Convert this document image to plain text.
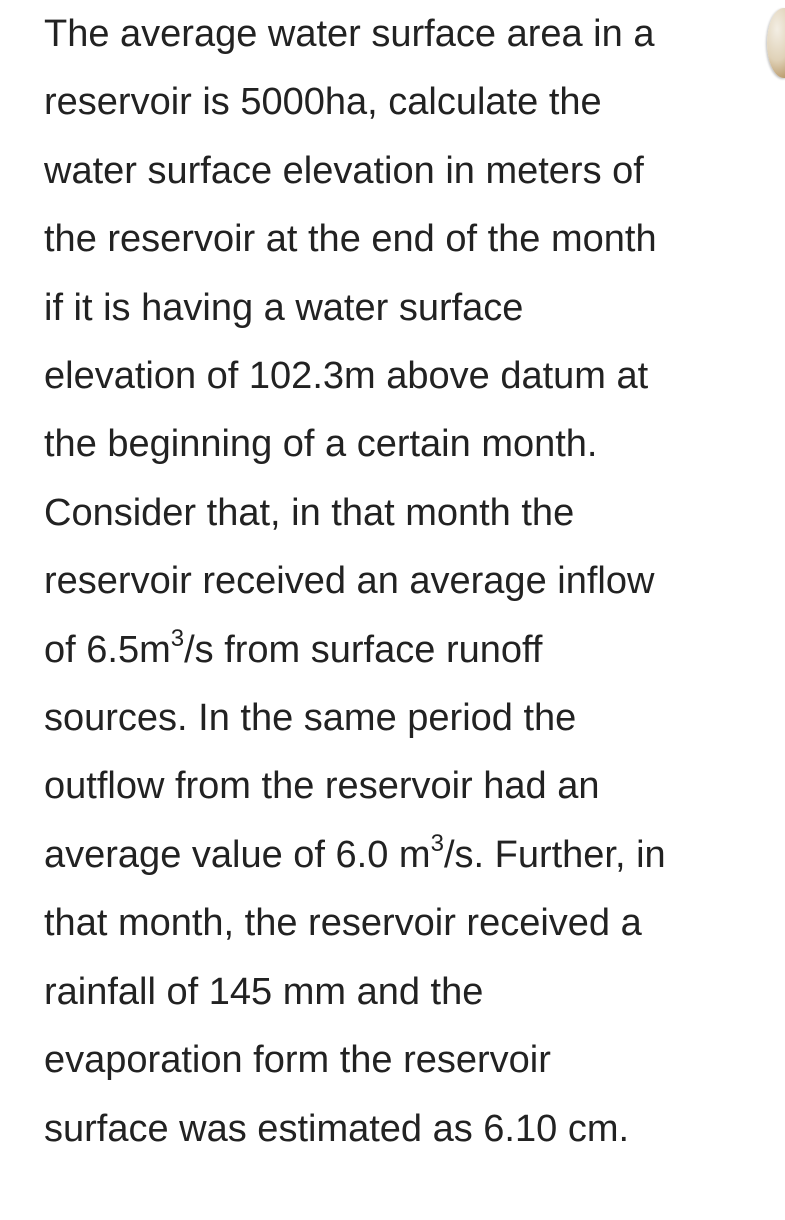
The average water surface area in a
reservoir is 5000ha, calculate the
water surface elevation in meters of
the reservoir at the end of the month
if it is having a water surface
elevation of 102.3m above datum at
the beginning of a certain month.
Consider that, in that month the
reservoir received an average inflow
of $6.5m^3/s$ from surface runoff
sources. In the same period the
outflow from the reservoir had an
average value of 6.0 $m^3/s$. Further, in
that month, the reservoir received a
rainfall of 145 mm and the
evaporation form the reservoir
surface was estimated as 6.10 cm.
